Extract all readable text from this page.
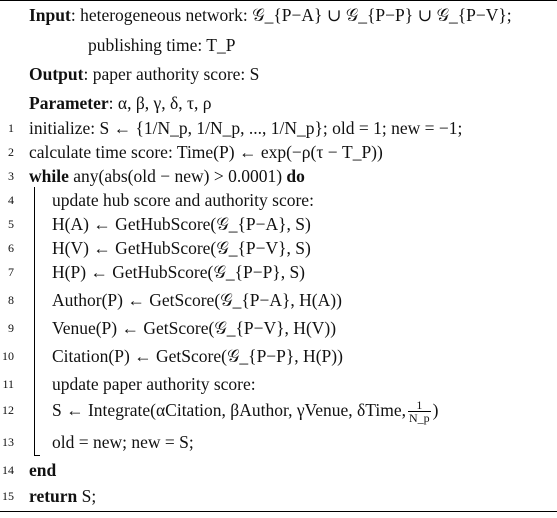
Input: heterogeneous network: 𝒢_{P−A} ∪ 𝒢_{P−P} ∪ 𝒢_{P−V};
publishing time: T_P
Output: paper authority score: S
Parameter: α, β, γ, δ, τ, ρ
1 initialize: S ← {1/N_p, 1/N_p, ..., 1/N_p}; old = 1; new = −1;
2 calculate time score: Time(P) ← exp(−ρ(τ − T_P))
3 while any(abs(old − new) > 0.0001) do
4 update hub score and authority score:
5 H(A) ← GetHubScore(𝒢_{P−A}, S)
6 H(V) ← GetHubScore(𝒢_{P−V}, S)
7 H(P) ← GetHubScore(𝒢_{P−P}, S)
8 Author(P) ← GetScore(𝒢_{P−A}, H(A))
9 Venue(P) ← GetScore(𝒢_{P−V}, H(V))
10 Citation(P) ← GetScore(𝒢_{P−P}, H(P))
11 update paper authority score:
12 S ← Integrate(αCitation, βAuthor, γVenue, δTime, $\frac{1}{N\_p}$ )
13 old = new; new = S;
14 end
15 return S;
